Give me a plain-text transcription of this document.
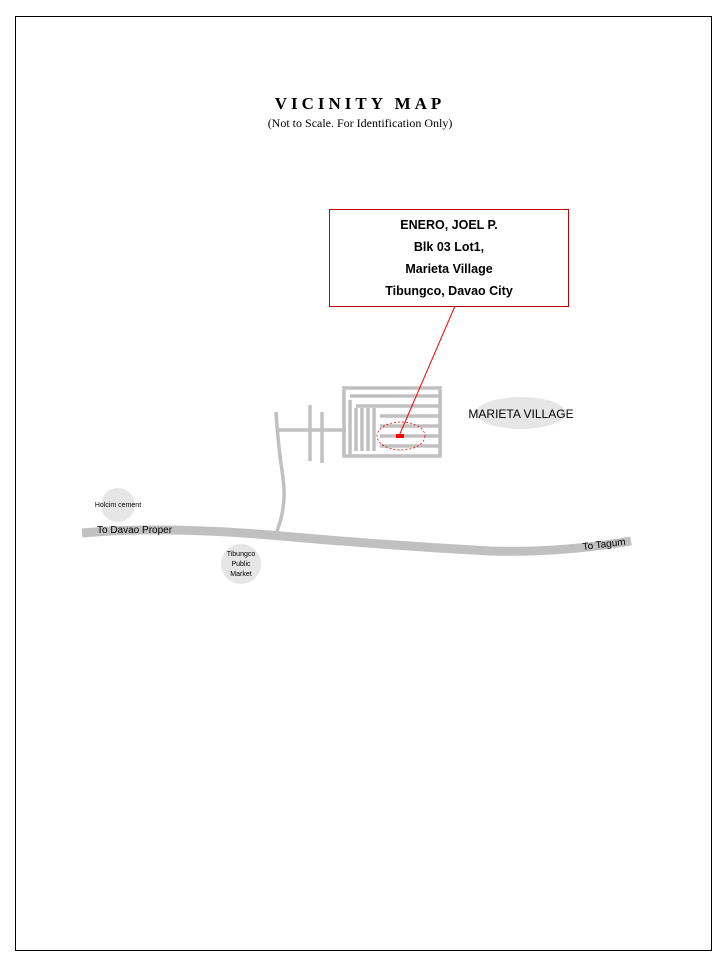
VICINITY MAP
(Not to Scale. For Identification Only)
MARIETA VILLAGE
Holcim cement
Tibungco
Public
Market
To Davao Proper
To Tagum
ENERO, JOEL P.
Blk 03 Lot1,
Marieta Village
Tibungco, Davao City
